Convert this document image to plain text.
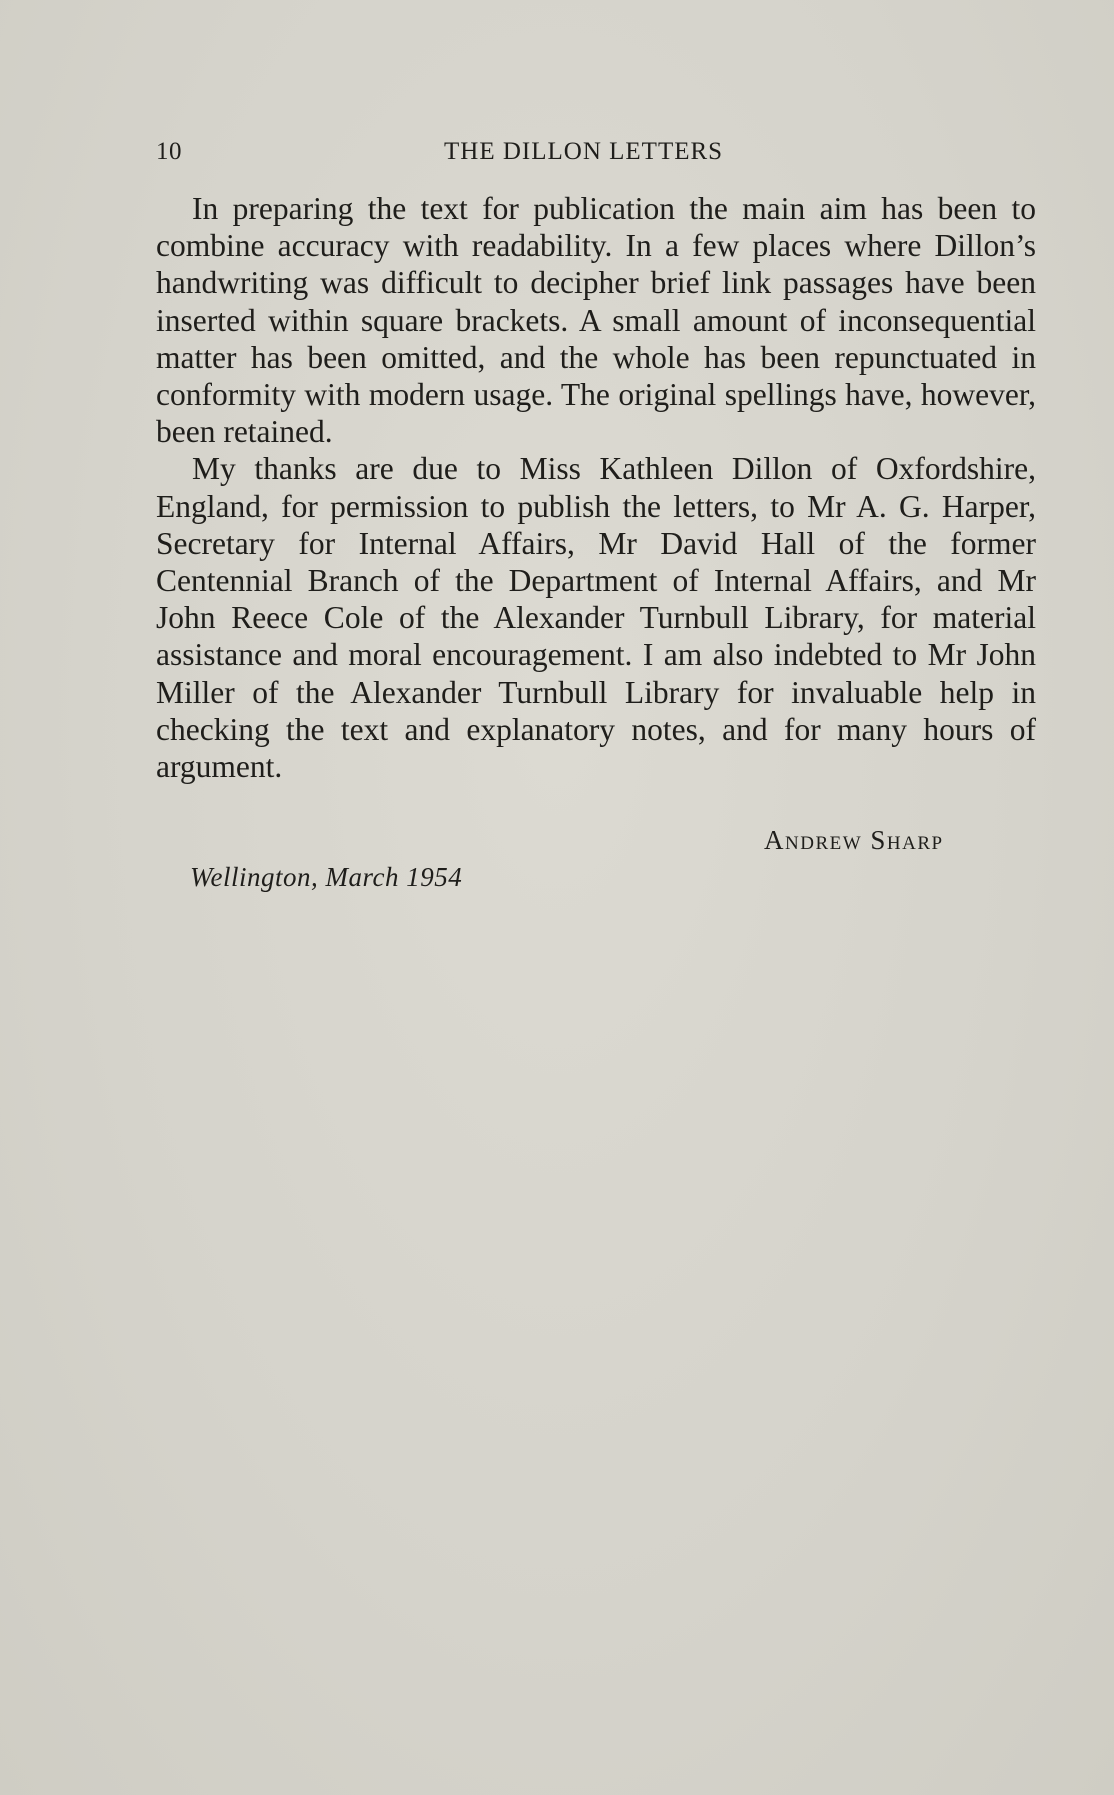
10	THE DILLON LETTERS

In preparing the text for publication the main aim has been to combine accuracy with readability. In a few places where Dillon’s handwriting was difficult to decipher brief link passages have been inserted within square brackets. A small amount of inconsequential matter has been omitted, and the whole has been repunctuated in conformity with modern usage. The original spellings have, however, been retained.

My thanks are due to Miss Kathleen Dillon of Oxfordshire, England, for permission to publish the letters, to Mr A. G. Harper, Secretary for Internal Affairs, Mr David Hall of the former Centennial Branch of the Department of Internal Affairs, and Mr John Reece Cole of the Alexander Turnbull Library, for material assistance and moral encouragement. I am also indebted to Mr John Miller of the Alexander Turnbull Library for invaluable help in checking the text and explanatory notes, and for many hours of argument.

Andrew Sharp
Wellington, March 1954
